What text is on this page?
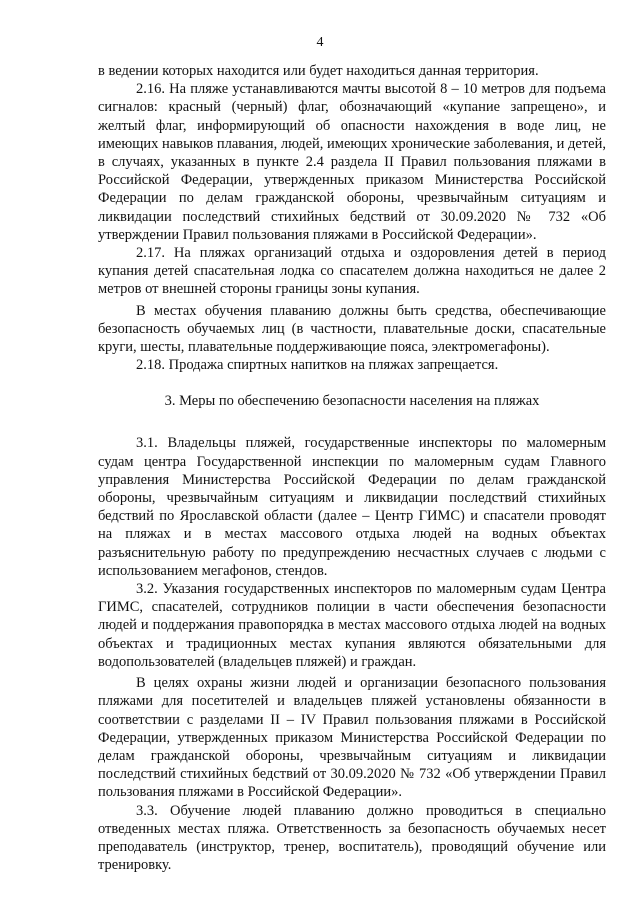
4

в ведении которых находится или будет находиться данная территория.

2.16. На пляже устанавливаются мачты высотой 8 – 10 метров для подъема сигналов: красный (черный) флаг, обозначающий «купание запрещено», и желтый флаг, информирующий об опасности нахождения в воде лиц, не имеющих навыков плавания, людей, имеющих хронические заболевания, и детей, в случаях, указанных в пункте 2.4 раздела II Правил пользования пляжами в Российской Федерации, утвержденных приказом Министерства Российской Федерации по делам гражданской обороны, чрезвычайным ситуациям и ликвидации последствий стихийных бедствий от 30.09.2020 № 732 «Об утверждении Правил пользования пляжами в Российской Федерации».

2.17. На пляжах организаций отдыха и оздоровления детей в период купания детей спасательная лодка со спасателем должна находиться не далее 2 метров от внешней стороны границы зоны купания.

В местах обучения плаванию должны быть средства, обеспечивающие безопасность обучаемых лиц (в частности, плавательные доски, спасательные круги, шесты, плавательные поддерживающие пояса, электромегафоны).

2.18. Продажа спиртных напитков на пляжах запрещается.

3. Меры по обеспечению безопасности населения на пляжах

3.1. Владельцы пляжей, государственные инспекторы по маломерным судам центра Государственной инспекции по маломерным судам Главного управления Министерства Российской Федерации по делам гражданской обороны, чрезвычайным ситуациям и ликвидации последствий стихийных бедствий по Ярославской области (далее – Центр ГИМС) и спасатели проводят на пляжах и в местах массового отдыха людей на водных объектах разъяснительную работу по предупреждению несчастных случаев с людьми с использованием мегафонов, стендов.

3.2. Указания государственных инспекторов по маломерным судам Центра ГИМС, спасателей, сотрудников полиции в части обеспечения безопасности людей и поддержания правопорядка в местах массового отдыха людей на водных объектах и традиционных местах купания являются обязательными для водопользователей (владельцев пляжей) и граждан.

В целях охраны жизни людей и организации безопасного пользования пляжами для посетителей и владельцев пляжей установлены обязанности в соответствии с разделами II – IV Правил пользования пляжами в Российской Федерации, утвержденных приказом Министерства Российской Федерации по делам гражданской обороны, чрезвычайным ситуациям и ликвидации последствий стихийных бедствий от 30.09.2020 № 732 «Об утверждении Правил пользования пляжами в Российской Федерации».

3.3. Обучение людей плаванию должно проводиться в специально отведенных местах пляжа. Ответственность за безопасность обучаемых несет преподаватель (инструктор, тренер, воспитатель), проводящий обучение или тренировку.
